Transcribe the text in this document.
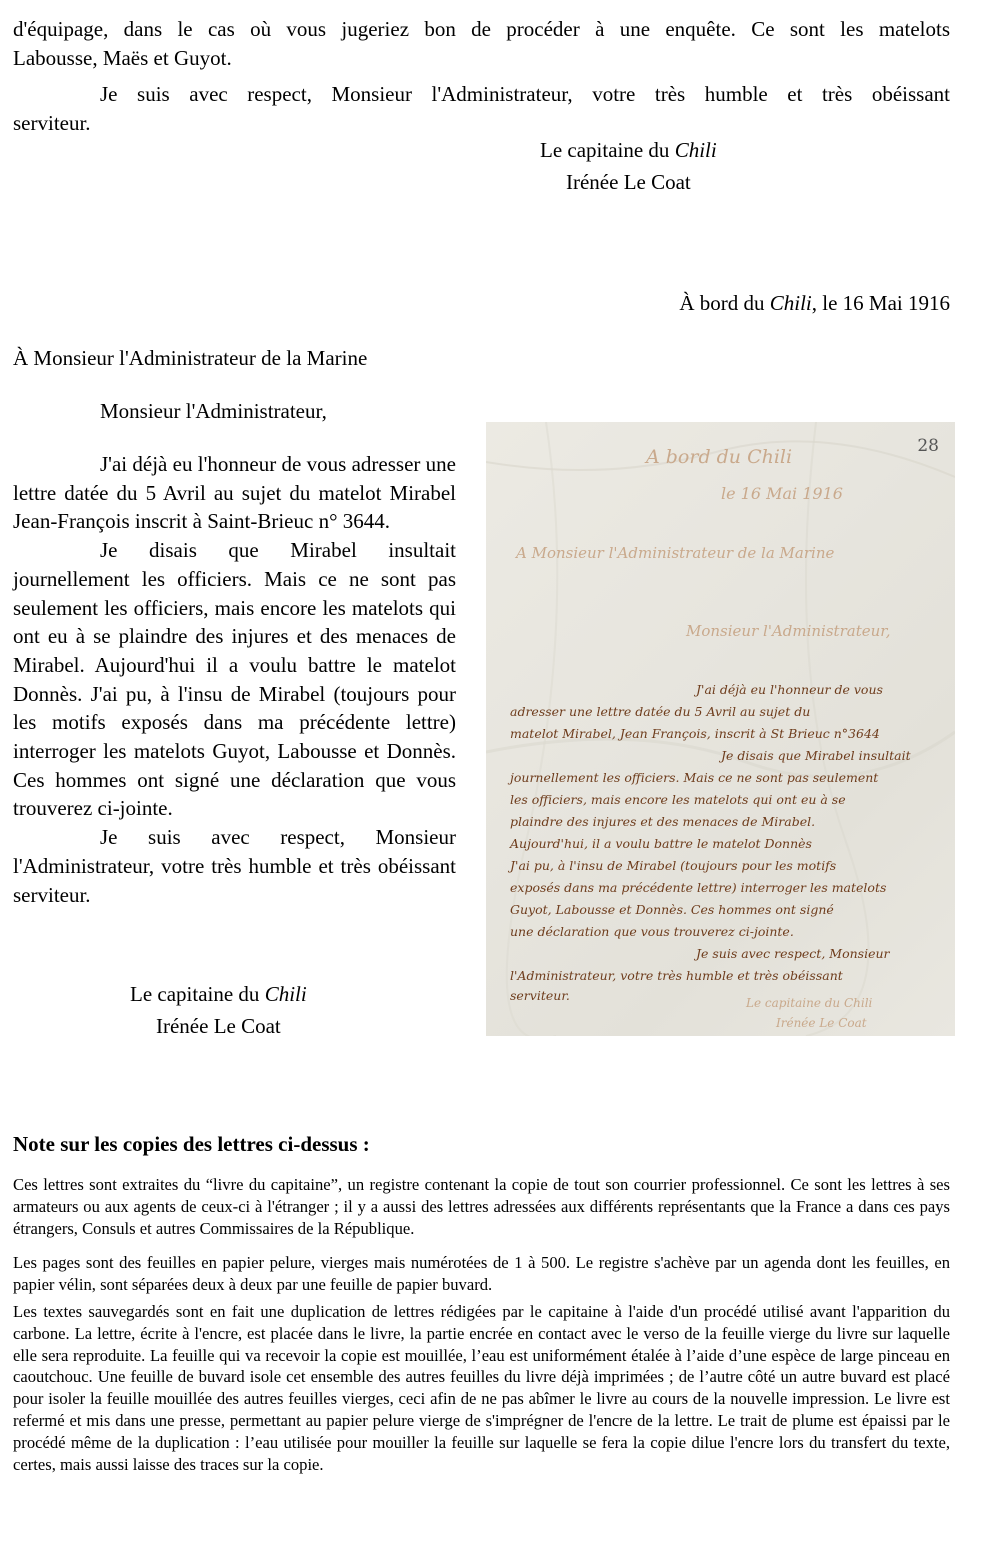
d'équipage, dans le cas où vous jugeriez bon de procéder à une enquête. Ce sont les matelots
Labousse, Maës et Guyot.
Je suis avec respect, Monsieur l'Administrateur, votre très humble et très obéissant
serviteur.
Le capitaine du Chili
Irénée Le Coat
À bord du Chili, le 16 Mai 1916
À Monsieur l'Administrateur de la Marine
Monsieur l'Administrateur,

J'ai déjà eu l'honneur de vous adresser une lettre datée du 5 Avril au sujet du matelot Mirabel Jean-François inscrit à Saint-Brieuc n° 3644.

Je disais que Mirabel insultait journellement les officiers. Mais ce ne sont pas seulement les officiers, mais encore les matelots qui ont eu à se plaindre des injures et des menaces de Mirabel. Aujourd'hui il a voulu battre le matelot Donnès. J'ai pu, à l'insu de Mirabel (toujours pour les motifs exposés dans ma précédente lettre) interroger les matelots Guyot, Labousse et Donnès. Ces hommes ont signé une déclaration que vous trouverez ci-jointe.

Je suis avec respect, Monsieur l'Administrateur, votre très humble et très obéissant serviteur.

Le capitaine du Chili
Irénée Le Coat
28
A bord du Chili
le 16 Mai 1916
A Monsieur l'Administrateur de la Marine
Monsieur l'Administrateur,
J'ai déjà eu l'honneur de vous
adresser une lettre datée du 5 Avril au sujet du
matelot Mirabel, Jean François, inscrit à St Brieuc n°3644
Je disais que Mirabel insultait
journellement les officiers. Mais ce ne sont pas seulement
les officiers, mais encore les matelots qui ont eu à se
plaindre des injures et des menaces de Mirabel.
Aujourd'hui, il a voulu battre le matelot Donnès
J'ai pu, à l'insu de Mirabel (toujours pour les motifs
exposés dans ma précédente lettre) interroger les matelots
Guyot, Labousse et Donnès. Ces hommes ont signé
une déclaration que vous trouverez ci-jointe.
Je suis avec respect, Monsieur
l'Administrateur, votre très humble et très obéissant
serviteur.	Le capitaine du Chili
Irénée Le Coat
Note sur les copies des lettres ci-dessus :

Ces lettres sont extraites du “livre du capitaine”, un registre contenant la copie de tout son courrier professionnel. Ce sont les lettres à ses armateurs ou aux agents de ceux-ci à l'étranger ; il y a aussi des lettres adressées aux différents représentants que la France a dans ces pays étrangers, Consuls et autres Commissaires de la République.

Les pages sont des feuilles en papier pelure, vierges mais numérotées de 1 à 500. Le registre s'achève par un agenda dont les feuilles, en papier vélin, sont séparées deux à deux par une feuille de papier buvard.

Les textes sauvegardés sont en fait une duplication de lettres rédigées par le capitaine à l'aide d'un procédé utilisé avant l'apparition du carbone. La lettre, écrite à l'encre, est placée dans le livre, la partie encrée en contact avec le verso de la feuille vierge du livre sur laquelle elle sera reproduite. La feuille qui va recevoir la copie est mouillée, l’eau est uniformément étalée à l’aide d’une espèce de large pinceau en caoutchouc. Une feuille de buvard isole cet ensemble des autres feuilles du livre déjà imprimées ; de l’autre côté un autre buvard est placé pour isoler la feuille mouillée des autres feuilles vierges, ceci afin de ne pas abîmer le livre au cours de la nouvelle impression. Le livre est refermé et mis dans une presse, permettant au papier pelure vierge de s'imprégner de l'encre de la lettre. Le trait de plume est épaissi par le procédé même de la duplication : l’eau utilisée pour mouiller la feuille sur laquelle se fera la copie dilue l'encre lors du transfert du texte, certes, mais aussi laisse des traces sur la copie.
